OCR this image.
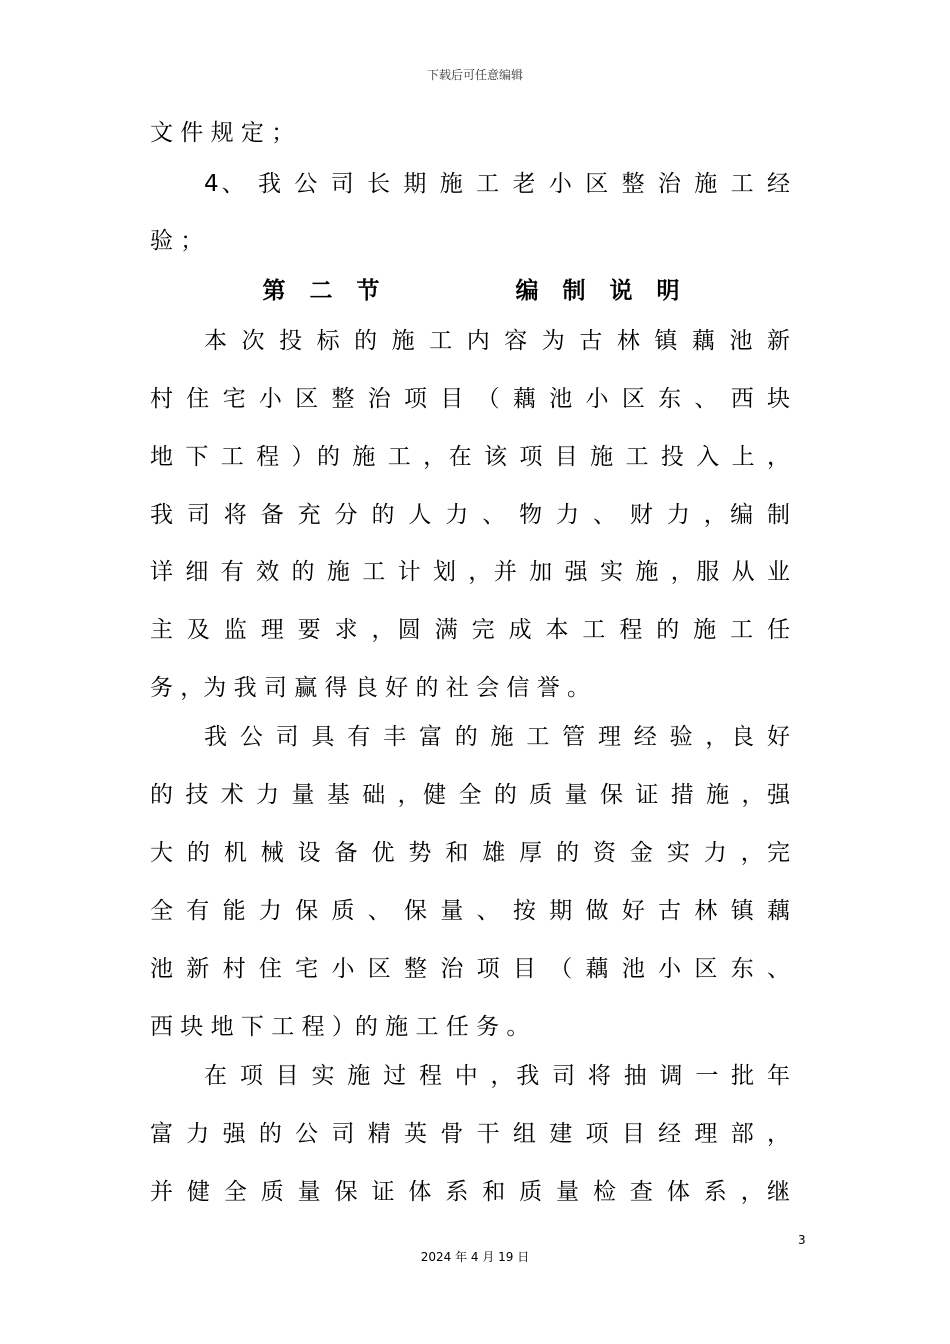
下载后可任意编辑
文 件 规 定 ；
4、 我 公 司 长 期 施 工 老 小 区 整 治 施 工 经
验 ；
第 二 节        编 制 说 明
本 次 投 标 的 施 工 内 容 为 古 林 镇 藕 池 新
村 住 宅 小 区 整 治 项 目 （ 藕 池 小 区 东 、 西 块
地 下 工 程 ）的 施 工 ，在 该 项 目 施 工 投 入 上 ，
我 司 将 备 充 分 的 人 力 、 物 力 、 财 力 ，编 制
详 细 有 效 的 施 工 计 划 ，并 加 强 实 施 ，服 从 业
主 及 监 理 要 求 ，圆 满 完 成 本 工 程 的 施 工 任
务 ，为 我 司 赢 得 良 好 的 社 会 信 誉 。
我 公 司 具 有 丰 富 的 施 工 管 理 经 验 ，良 好
的 技 术 力 量 基 础 ，健 全 的 质 量 保 证 措 施 ，强
大 的 机 械 设 备 优 势 和 雄 厚 的 资 金 实 力 ，完
全 有 能 力 保 质 、 保 量 、 按 期 做 好 古 林 镇 藕
池 新 村 住 宅 小 区 整 治 项 目 （ 藕 池 小 区 东 、
西 块 地 下 工 程 ）的 施 工 任 务 。
在 项 目 实 施 过 程 中 ，我 司 将 抽 调 一 批 年
富 力 强 的 公 司 精 英 骨 干 组 建 项 目 经 理 部 ，
并 健 全 质 量 保 证 体 系 和 质 量 检 查 体 系 ，继
3
2024 年 4 月 19 日
